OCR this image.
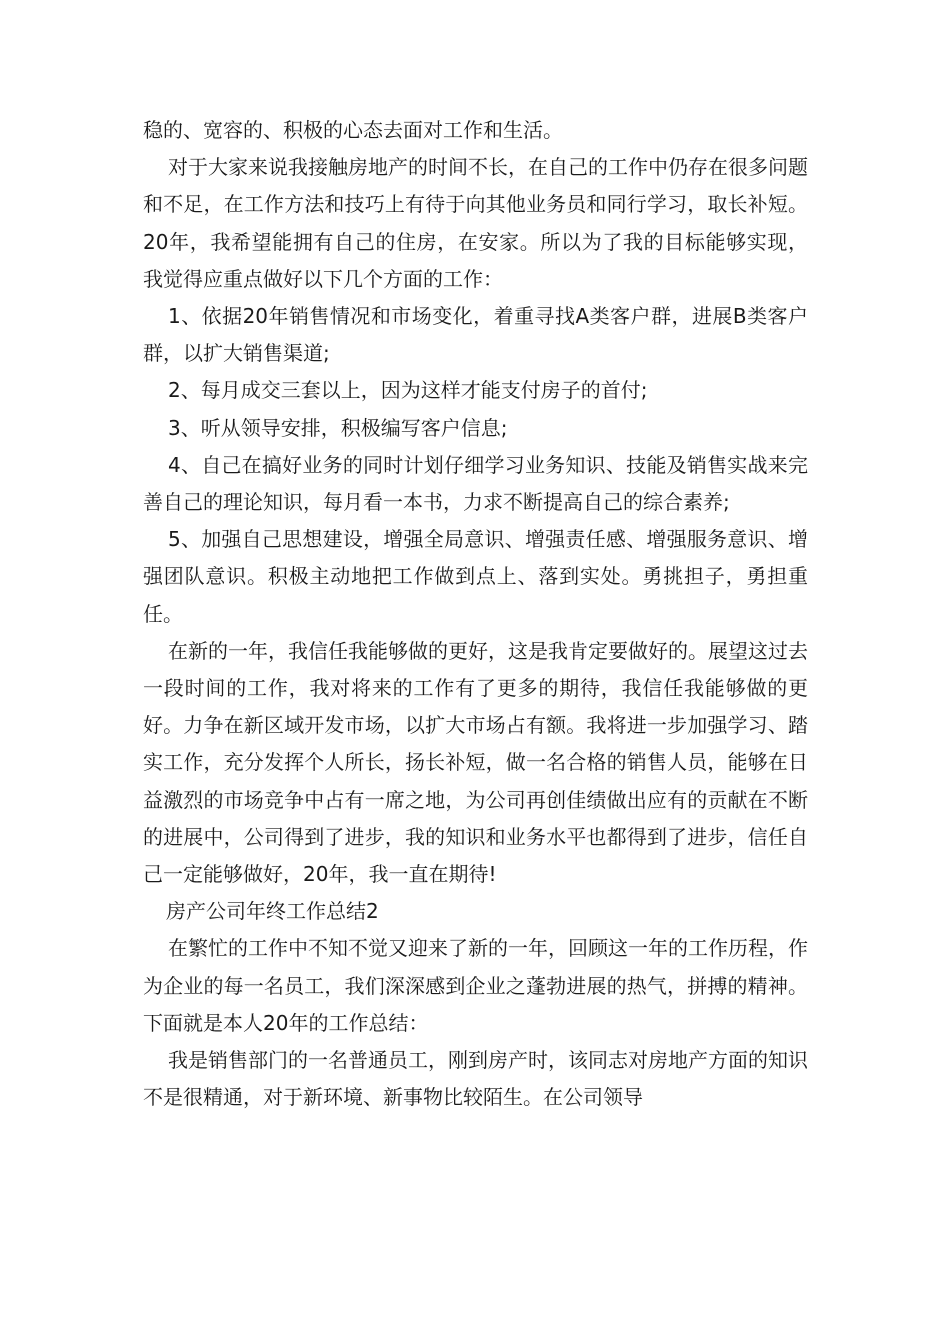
稳的、宽容的、积极的心态去面对工作和生活。

对于大家来说我接触房地产的时间不长，在自己的工作中仍存在很多问题和不足，在工作方法和技巧上有待于向其他业务员和同行学习，取长补短。20年，我希望能拥有自己的住房，在安家。所以为了我的目标能够实现，我觉得应重点做好以下几个方面的工作：

1、依据20年销售情况和市场变化，着重寻找A类客户群，进展B类客户群，以扩大销售渠道;

2、每月成交三套以上，因为这样才能支付房子的首付;

3、听从领导安排，积极编写客户信息;

4、自己在搞好业务的同时计划仔细学习业务知识、技能及销售实战来完善自己的理论知识，每月看一本书，力求不断提高自己的综合素养;

5、加强自己思想建设，增强全局意识、增强责任感、增强服务意识、增强团队意识。积极主动地把工作做到点上、落到实处。勇挑担子，勇担重任。

在新的一年，我信任我能够做的更好，这是我肯定要做好的。展望这过去一段时间的工作，我对将来的工作有了更多的期待，我信任我能够做的更好。力争在新区域开发市场，以扩大市场占有额。我将进一步加强学习、踏实工作，充分发挥个人所长，扬长补短，做一名合格的销售人员，能够在日益激烈的市场竞争中占有一席之地，为公司再创佳绩做出应有的贡献在不断的进展中，公司得到了进步，我的知识和业务水平也都得到了进步，信任自己一定能够做好，20年，我一直在期待!

房产公司年终工作总结2

在繁忙的工作中不知不觉又迎来了新的一年，回顾这一年的工作历程，作为企业的每一名员工，我们深深感到企业之蓬勃进展的热气，拼搏的精神。下面就是本人20年的工作总结：

我是销售部门的一名普通员工，刚到房产时，该同志对房地产方面的知识不是很精通，对于新环境、新事物比较陌生。在公司领导
